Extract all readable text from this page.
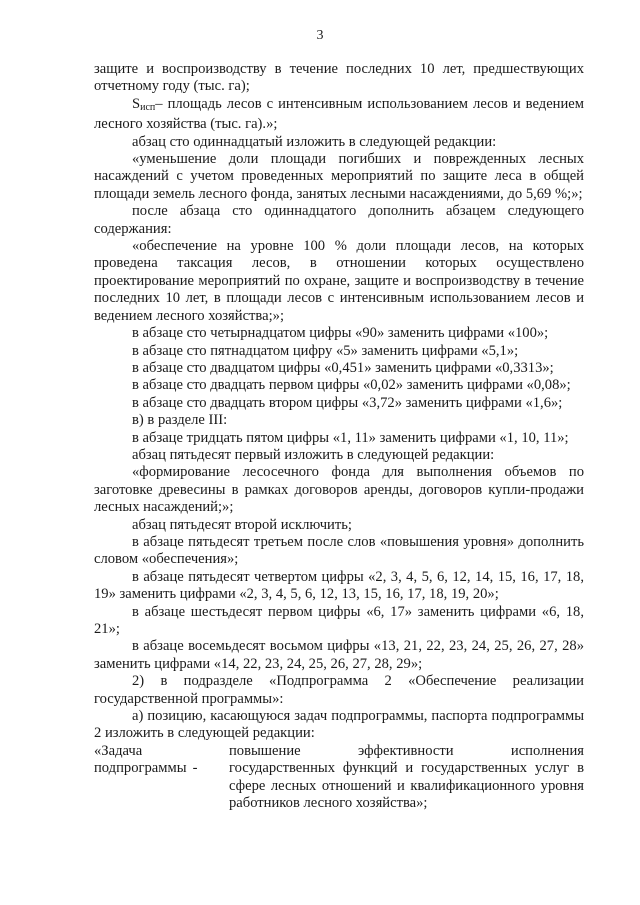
3

защите и воспроизводству в течение последних 10 лет, предшествующих отчетному году (тыс. га);

$S_{исп}-$ площадь лесов с интенсивным использованием лесов и ведением лесного хозяйства (тыс. га).»;

абзац сто одиннадцатый изложить в следующей редакции:

«уменьшение доли площади погибших и поврежденных лесных насаждений с учетом проведенных мероприятий по защите леса в общей площади земель лесного фонда, занятых лесными насаждениями, до 5,69 %;»;

после абзаца сто одиннадцатого дополнить абзацем следующего содержания:

«обеспечение на уровне 100 % доли площади лесов, на которых проведена таксация лесов, в отношении которых осуществлено проектирование мероприятий по охране, защите и воспроизводству в течение последних 10 лет, в площади лесов с интенсивным использованием лесов и ведением лесного хозяйства;»;

в абзаце сто четырнадцатом цифры «90» заменить цифрами «100»;

в абзаце сто пятнадцатом цифру «5» заменить цифрами «5,1»;

в абзаце сто двадцатом цифры «0,451» заменить цифрами «0,3313»;

в абзаце сто двадцать первом цифры «0,02» заменить цифрами «0,08»;

в абзаце сто двадцать втором цифры «3,72» заменить цифрами «1,6»;

в) в разделе III:

в абзаце тридцать пятом цифры «1, 11» заменить цифрами «1, 10, 11»;

абзац пятьдесят первый изложить в следующей редакции:

«формирование лесосечного фонда для выполнения объемов по заготовке древесины в рамках договоров аренды, договоров купли-продажи лесных насаждений;»;

абзац пятьдесят второй исключить;

в абзаце пятьдесят третьем после слов «повышения уровня» дополнить словом «обеспечения»;

в абзаце пятьдесят четвертом цифры «2, 3, 4, 5, 6, 12, 14, 15, 16, 17, 18, 19» заменить цифрами «2, 3, 4, 5, 6, 12, 13, 15, 16, 17, 18, 19, 20»;

в абзаце шестьдесят первом цифры «6, 17» заменить цифрами «6, 18, 21»;

в абзаце восемьдесят восьмом цифры «13, 21, 22, 23, 24, 25, 26, 27, 28» заменить цифрами «14, 22, 23, 24, 25, 26, 27, 28, 29»;

2) в подразделе «Подпрограмма 2 «Обеспечение реализации государственной программы»:

а) позицию, касающуюся задач подпрограммы, паспорта подпрограммы 2 изложить в следующей редакции:

«Задача подпрограммы -
повышение эффективности исполнения государственных функций и государственных услуг в сфере лесных отношений и квалификационного уровня работников лесного хозяйства»;
